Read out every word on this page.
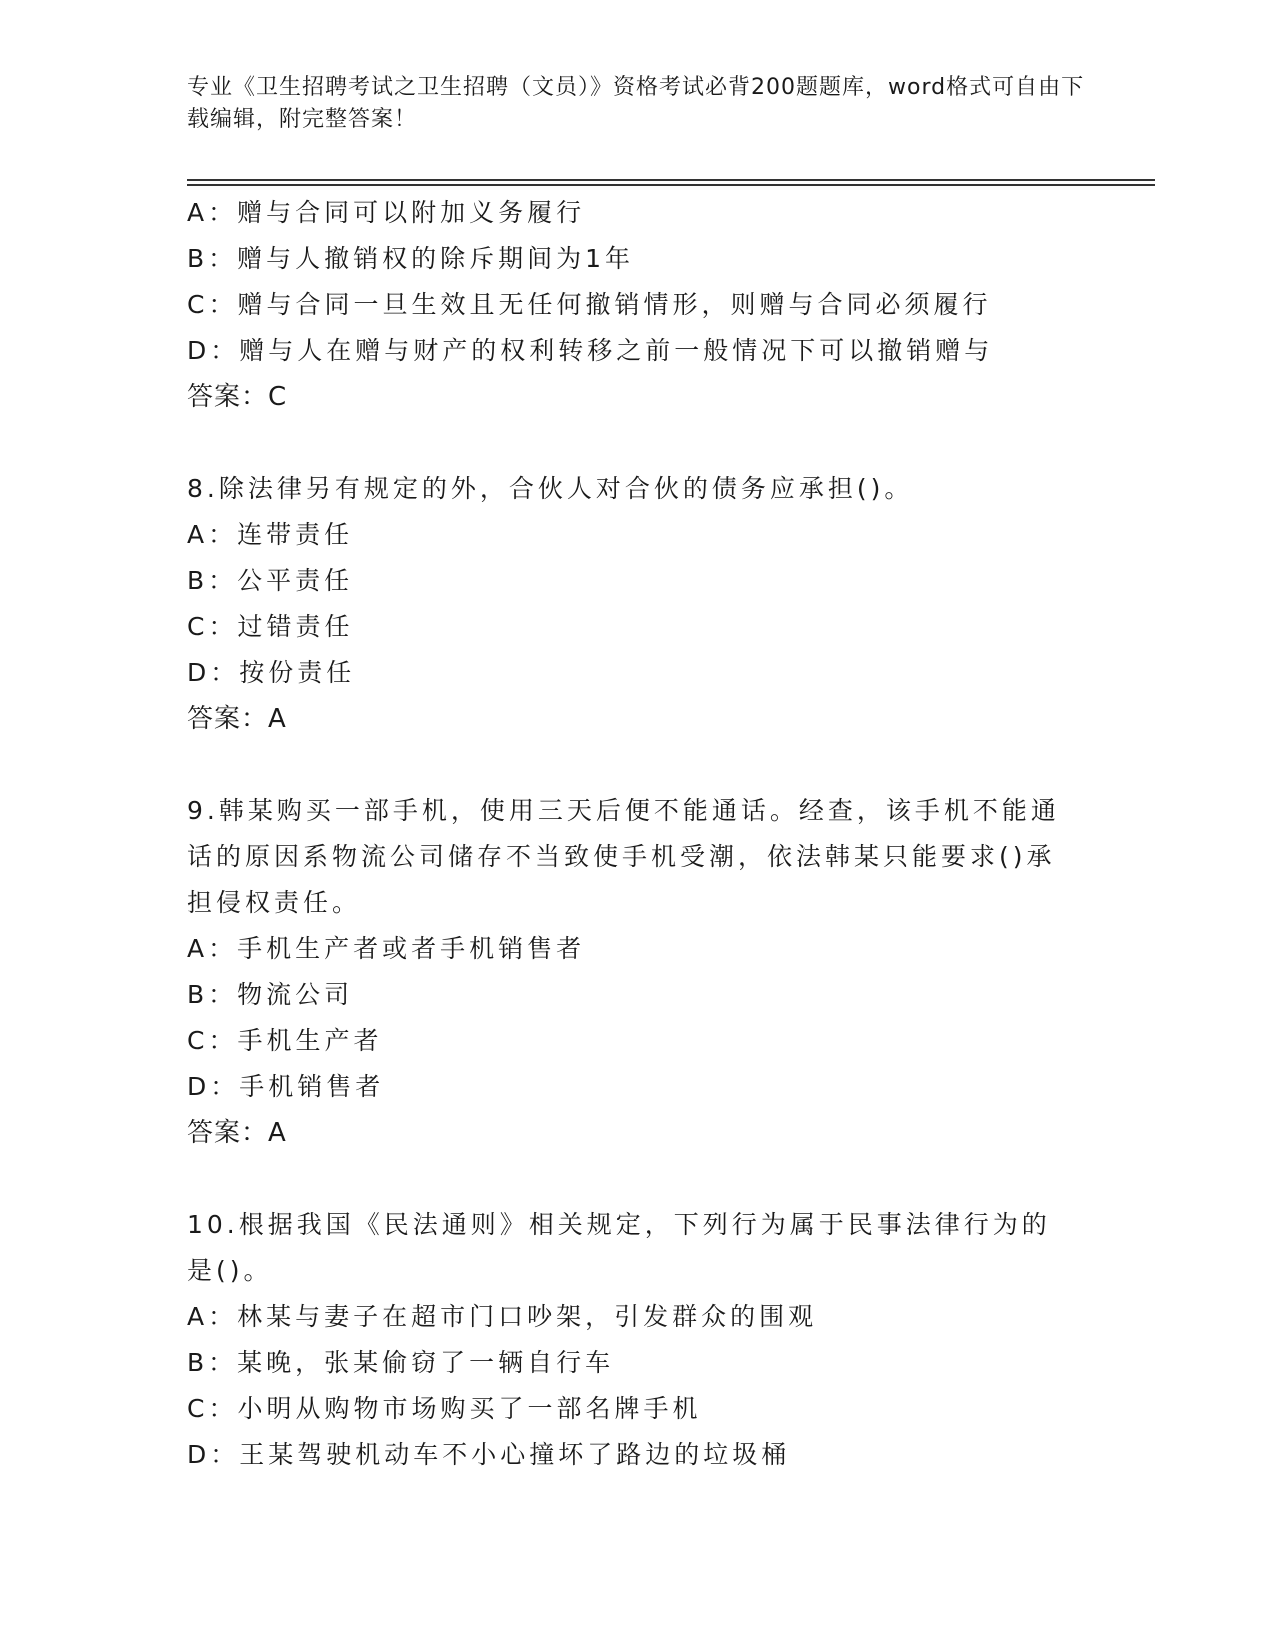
专业《卫生招聘考试之卫生招聘（文员）》资格考试必背200题题库，word格式可自由下载编辑，附完整答案！
A：赠与合同可以附加义务履行
B：赠与人撤销权的除斥期间为1年
C：赠与合同一旦生效且无任何撤销情形，则赠与合同必须履行
D：赠与人在赠与财产的权利转移之前一般情况下可以撤销赠与
答案：C
8.除法律另有规定的外，合伙人对合伙的债务应承担()。
A：连带责任
B：公平责任
C：过错责任
D：按份责任
答案：A
9.韩某购买一部手机，使用三天后便不能通话。经查，该手机不能通话的原因系物流公司储存不当致使手机受潮，依法韩某只能要求()承担侵权责任。
A：手机生产者或者手机销售者
B：物流公司
C：手机生产者
D：手机销售者
答案：A
10.根据我国《民法通则》相关规定，下列行为属于民事法律行为的是()。
A：林某与妻子在超市门口吵架，引发群众的围观
B：某晚，张某偷窃了一辆自行车
C：小明从购物市场购买了一部名牌手机
D：王某驾驶机动车不小心撞坏了路边的垃圾桶
